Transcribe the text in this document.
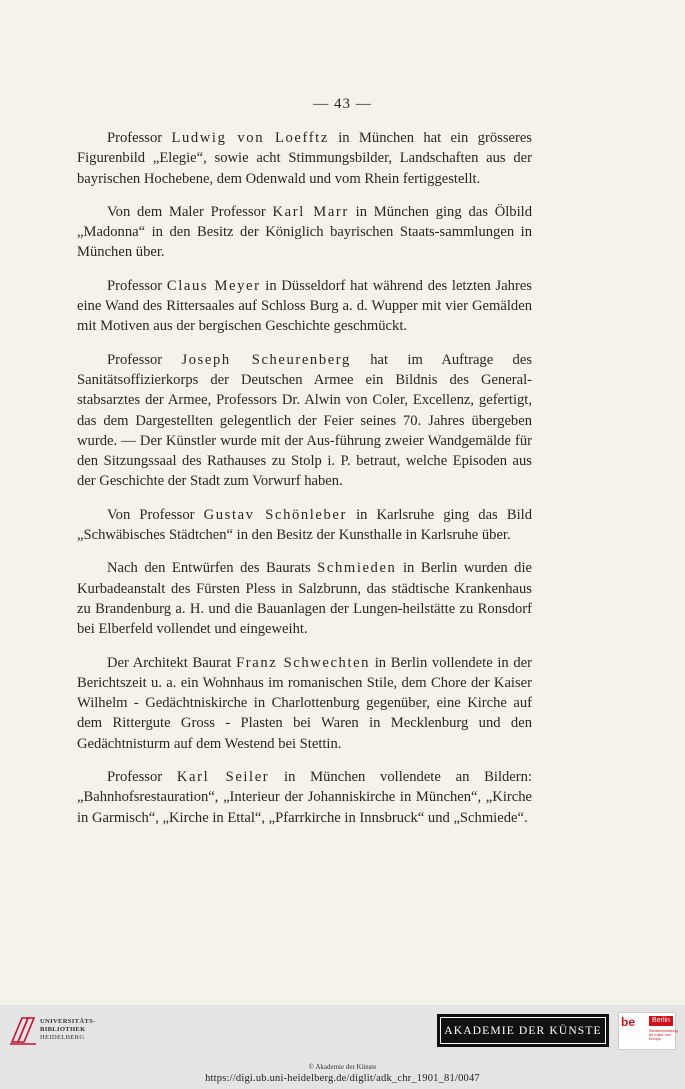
— 43 —

Professor Ludwig von Loefftz in München hat ein grösseres Figurenbild „Elegie“, sowie acht Stimmungsbilder, Landschaften aus der bayrischen Hochebene, dem Odenwald und vom Rhein fertiggestellt.

Von dem Maler Professor Karl Marr in München ging das Ölbild „Madonna“ in den Besitz der Königlich bayrischen Staats-sammlungen in München über.

Professor Claus Meyer in Düsseldorf hat während des letzten Jahres eine Wand des Rittersaales auf Schloss Burg a. d. Wupper mit vier Gemälden mit Motiven aus der bergischen Geschichte geschmückt.

Professor Joseph Scheurenberg hat im Auftrage des Sanitätsoffizierkorps der Deutschen Armee ein Bildnis des General-stabsarztes der Armee, Professors Dr. Alwin von Coler, Excellenz, gefertigt, das dem Dargestellten gelegentlich der Feier seines 70. Jahres übergeben wurde. — Der Künstler wurde mit der Aus-führung zweier Wandgemälde für den Sitzungssaal des Rathauses zu Stolp i. P. betraut, welche Episoden aus der Geschichte der Stadt zum Vorwurf haben.

Von Professor Gustav Schönleber in Karlsruhe ging das Bild „Schwäbisches Städtchen“ in den Besitz der Kunsthalle in Karlsruhe über.

Nach den Entwürfen des Baurats Schmieden in Berlin wurden die Kurbadeanstalt des Fürsten Pless in Salzbrunn, das städtische Krankenhaus zu Brandenburg a. H. und die Bauanlagen der Lungen-heilstätte zu Ronsdorf bei Elberfeld vollendet und eingeweiht.

Der Architekt Baurat Franz Schwechten in Berlin vollendete in der Berichtszeit u. a. ein Wohnhaus im romanischen Stile, dem Chore der Kaiser Wilhelm - Gedächtniskirche in Charlottenburg gegenüber, eine Kirche auf dem Rittergute Gross - Plasten bei Waren in Mecklenburg und den Gedächtnisturm auf dem Westend bei Stettin.

Professor Karl Seiler in München vollendete an Bildern: „Bahnhofsrestauration“, „Interieur der Johanniskirche in München“, „Kirche in Garmisch“, „Kirche in Ettal“, „Pfarrkirche in Innsbruck“ und „Schmiede“.

UNIVERSITÄTS-
BIBLIOTHEK
HEIDELBERG
AKADEMIE DER KÜNSTE
be	Berlin
Senatsverwaltung für Kultur und Europa
© Akademie der Künste
https://digi.ub.uni-heidelberg.de/diglit/adk_chr_1901_81/0047
